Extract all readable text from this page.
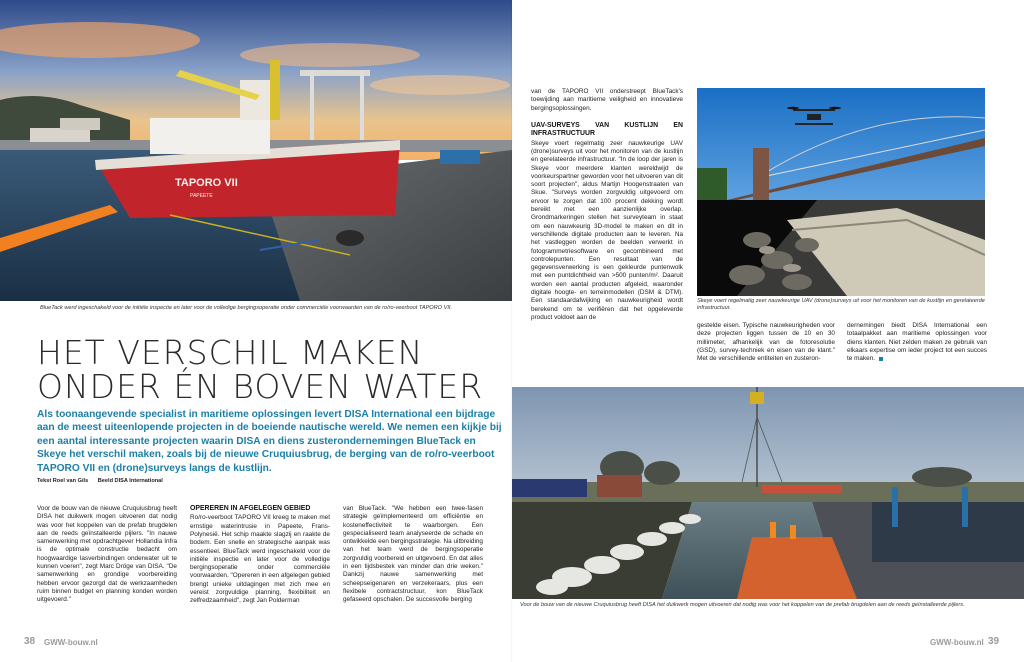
TAPORO VII
PAPEETE
BlueTack werd ingeschakeld voor de initiële inspectie en later voor de volledige bergingsoperatie onder commerciële voorwaarden van de ro/ro-veerboot TAPORO VII.
HET VERSCHIL MAKEN
ONDER ÉN BOVEN WATER
Als toonaangevende specialist in maritieme oplossingen levert DISA International een bijdrage aan de meest uiteenlopende projecten in de boeiende nautische wereld. We nemen een kijkje bij een aantal interessante projecten waarin DISA en diens zusterondernemingen BlueTack en Skeye het verschil maken, zoals bij de nieuwe Cruquiusbrug, de berging van de ro/ro-veerboot TAPORO VII en (drone)surveys langs de kustlijn.
Tekst Roel van Gils Beeld DISA International

Voor de bouw van de nieuwe Cruquiusbrug heeft DISA het duikwerk mogen uitvoeren dat nodig was voor het koppelen van de prefab brugdelen aan de reeds geïnstalleerde pijlers. "In nauwe samenwerking met opdrachtgever Hollandia Infra is de optimale constructie bedacht om hoogwaardige lasverbindingen onderwater uit te kunnen voeren", zegt Marc Dröge van DISA. "De samenwerking en grondige voorbereiding hebben ervoor gezorgd dat de werkzaamheden ruim binnen budget en planning konden worden uitgevoerd."

OPEREREN IN AFGELEGEN GEBIED

Ro/ro-veerboot TAPORO VII kreeg te maken met ernstige waterintrusie in Papeete, Frans-Polynesië. Het schip maakte slagzij en raakte de bodem. Een snelle en strategische aanpak was essentieel. BlueTack werd ingeschakeld voor de initiële inspectie en later voor de volledige bergingsoperatie onder commerciële voorwaarden. "Opereren in een afgelegen gebied brengt unieke uitdagingen met zich mee en vereist zorgvuldige planning, flexibiliteit en zelfredzaamheid", zegt Jan Polderman

van BlueTack. "We hebben een twee-fasen strategie geïmplementeerd om efficiëntie en kosteneffectiviteit te waarborgen. Een gespecialiseerd team analyseerde de schade en ontwikkelde een bergingsstrategie. Na uitbreiding van het team werd de bergingsoperatie zorgvuldig voorbereid en uitgevoerd. En dat alles in een tijdsbestek van minder dan drie weken." Dankzij nauwe samenwerking met scheepseigenaren en verzekeraars, plus een flexibele contractstructuur, kon BlueTack gefaseerd opschalen. De succesvolle berging

38 GWW-bouw.nl

van de TAPORO VII onderstreept BlueTack's toewijding aan maritieme veiligheid en innovatieve bergingsoplossingen.

UAV-SURVEYS VAN KUSTLIJN EN INFRASTRUCTUUR

Skeye voert regelmatig zeer nauwkeurige UAV (drone)surveys uit voor het monitoren van de kustlijn en gerelateerde infrastructuur. "In de loop der jaren is Skeye voor meerdere klanten wereldwijd de voorkeurspartner geworden voor het uitvoeren van dit soort projecten", aldus Martijn Hoogenstraaten van Skue. "Surveys worden zorgvuldig uitgevoerd om ervoor te zorgen dat 100 procent dekking wordt bereikt met een aanzienlijke overlap. Grondmarkeringen stellen het surveyteam in staat om een nauwkeurig 3D-model te maken en dit in verschillende digitale producten aan te leveren. Na het vastleggen worden de beelden verwerkt in fotogrammetriesoftware en gecombineerd met controlepunten. Een resultaat van de gegevensverwerking is een gekleurde puntenwolk met een puntdichtheid van >500 punten/m². Daaruit worden een aantal producten afgeleid, waaronder digitale hoogte- en terreinmodellen (DSM & DTM). Een standaardafwijking en nauwkeurigheid wordt berekend om te verifiëren dat het opgeleverde product voldoet aan de

Skeye voert regelmatig zeer nauwkeurige UAV (drone)surveys uit voor het monitoren van de kustlijn en gerelateerde infrastructuur.

gestelde eisen. Typische nauwkeurigheden voor deze projecten liggen tussen de 10 en 30 millimeter, afhankelijk van de fotoresolutie (GSD), survey-techniek en eisen van de klant." Met de verschillende entiteiten en zusteron-

dernemingen biedt DISA International een totaalpakket aan maritieme oplossingen voor diens klanten. Niet zelden maken ze gebruik van elkaars expertise om ieder project tot een succes te maken.

Voor de bouw van de nieuwe Cruquiusbrug heeft DISA het duikwerk mogen uitvoeren dat nodig was voor het koppelen van de prefab brugdelen aan de reeds geïnstalleerde pijlers.
GWW-bouw.nl 39
